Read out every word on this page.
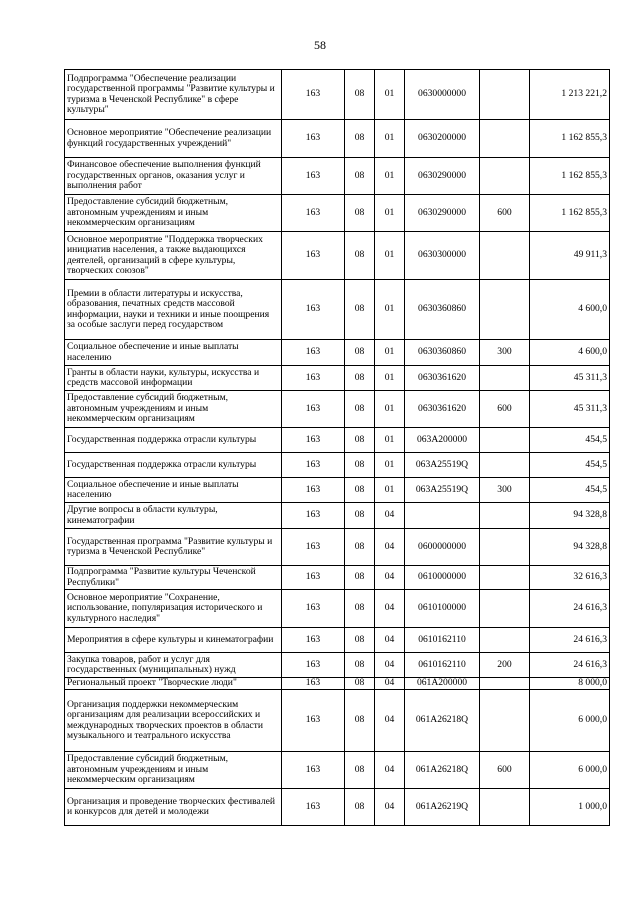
58
Подпрограмма "Обеспечение реализации государственной программы "Развитие культуры и туризма в Чеченской Республике" в сфере культуры"	163	08	01	0630000000		1 213 221,2
Основное мероприятие "Обеспечение реализации функций государственных учреждений"	163	08	01	0630200000		1 162 855,3
Финансовое обеспечение выполнения функций государственных органов, оказания услуг и выполнения работ	163	08	01	0630290000		1 162 855,3
Предоставление субсидий бюджетным, автономным учреждениям и иным некоммерческим организациям	163	08	01	0630290000	600	1 162 855,3
Основное мероприятие "Поддержка творческих инициатив населения, а также выдающихся деятелей, организаций в сфере культуры, творческих союзов"	163	08	01	0630300000		49 911,3
Премии в области литературы и искусства, образования, печатных средств массовой информации, науки и техники и иные поощрения за особые заслуги перед государством	163	08	01	0630360860		4 600,0
Социальное обеспечение и иные выплаты населению	163	08	01	0630360860	300	4 600,0
Гранты в области науки, культуры, искусства и средств массовой информации	163	08	01	0630361620		45 311,3
Предоставление субсидий бюджетным, автономным учреждениям и иным некоммерческим организациям	163	08	01	0630361620	600	45 311,3
Государственная поддержка отрасли культуры	163	08	01	063A200000		454,5
Государственная поддержка отрасли культуры	163	08	01	063A25519Q		454,5
Социальное обеспечение и иные выплаты населению	163	08	01	063A25519Q	300	454,5
Другие вопросы в области культуры, кинематографии	163	08	04			94 328,8
Государственная программа "Развитие культуры и туризма в Чеченской Республике"	163	08	04	0600000000		94 328,8
Подпрограмма "Развитие культуры Чеченской Республики"	163	08	04	0610000000		32 616,3
Основное мероприятие "Сохранение, использование, популяризация исторического и культурного наследия"	163	08	04	0610100000		24 616,3
Мероприятия в сфере культуры и кинематографии	163	08	04	0610162110		24 616,3
Закупка товаров, работ и услуг для государственных (муниципальных) нужд	163	08	04	0610162110	200	24 616,3
Региональный проект "Творческие люди"	163	08	04	061A200000		8 000,0
Организация поддержки некоммерческим организациям для реализации всероссийских и международных творческих проектов в области музыкального и театрального искусства	163	08	04	061A26218Q		6 000,0
Предоставление субсидий бюджетным, автономным учреждениям и иным некоммерческим организациям	163	08	04	061A26218Q	600	6 000,0
Организация и проведение творческих фестивалей и конкурсов для детей и молодежи	163	08	04	061A26219Q		1 000,0
